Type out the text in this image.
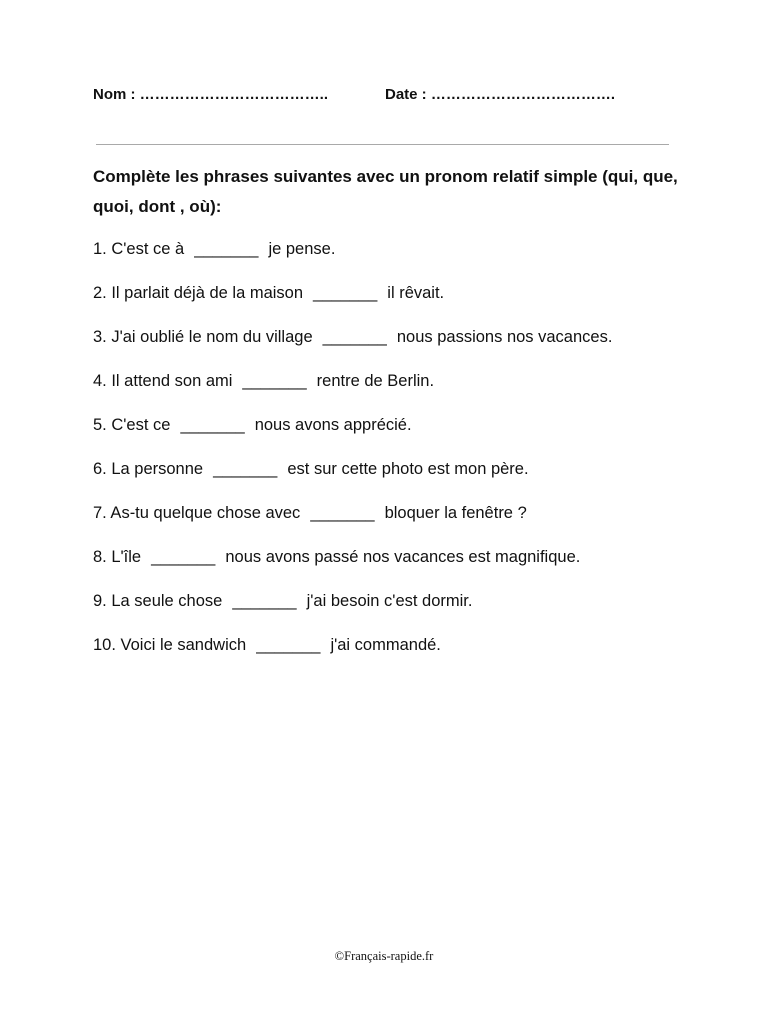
Nom : ………………………………..	Date : ……………………………….
Complète les phrases suivantes avec un pronom relatif simple (qui, que, quoi, dont , où):
1. C'est ce à _______ je pense.
2. Il parlait déjà de la maison _______ il rêvait.
3. J'ai oublié le nom du village _______ nous passions nos vacances.
4. Il attend son ami _______ rentre de Berlin.
5. C'est ce _______ nous avons apprécié.
6. La personne _______ est sur cette photo est mon père.
7. As-tu quelque chose avec _______ bloquer la fenêtre ?
8. L'île _______ nous avons passé nos vacances est magnifique.
9. La seule chose _______ j'ai besoin c'est dormir.
10. Voici le sandwich _______ j'ai commandé.
©Français-rapide.fr
